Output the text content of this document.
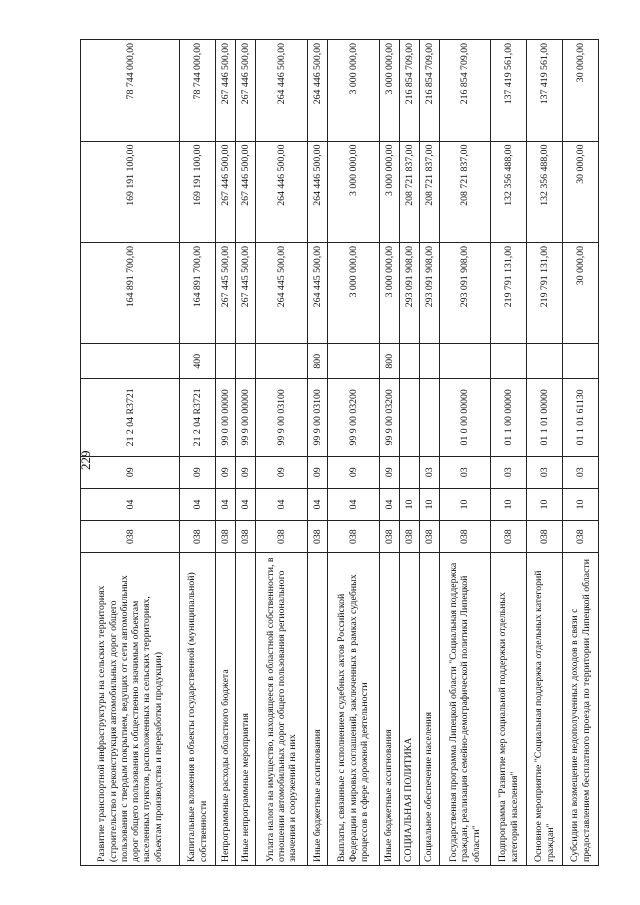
229
Развитие транспортной инфраструктуры на сельских территориях (строительство и реконструкция автомобильных дорог общего пользования с твердым покрытием, ведущих от сети автомобильных дорог общего пользования к общественно значимым объектам населенных пунктов, расположенных на сельских территориях, объектам производства и переработки продукции)	038	04	09	21 2 04 R3721		164 891 700,00	169 191 100,00	78 744 000,00
Капитальные вложения в объекты государственной (муниципальной) собственности	038	04	09	21 2 04 R3721	400	164 891 700,00	169 191 100,00	78 744 000,00
Непрограммные расходы областного бюджета	038	04	09	99 0 00 00000		267 445 500,00	267 446 500,00	267 446 500,00
Иные непрограммные мероприятия	038	04	09	99 9 00 00000		267 445 500,00	267 446 500,00	267 446 500,00
Уплата налога на имущество, находящееся в областной собственности, в отношении автомобильных дорог общего пользования регионального значения и сооружений на них	038	04	09	99 9 00 03100		264 445 500,00	264 446 500,00	264 446 500,00
Иные бюджетные ассигнования	038	04	09	99 9 00 03100	800	264 445 500,00	264 446 500,00	264 446 500,00
Выплаты, связанные с исполнением судебных актов Российской Федерации и мировых соглашений, заключенных в рамках судебных процессов в сфере дорожной деятельности	038	04	09	99 9 00 03200		3 000 000,00	3 000 000,00	3 000 000,00
Иные бюджетные ассигнования	038	04	09	99 9 00 03200	800	3 000 000,00	3 000 000,00	3 000 000,00
СОЦИАЛЬНАЯ ПОЛИТИКА	038	10				293 091 908,00	208 721 837,00	216 854 709,00
Социальное обеспечение населения	038	10	03			293 091 908,00	208 721 837,00	216 854 709,00
Государственная программа Липецкой области "Социальная поддержка граждан, реализация семейно-демографической политики Липецкой области"	038	10	03	01 0 00 00000		293 091 908,00	208 721 837,00	216 854 709,00
Подпрограмма "Развитие мер социальной поддержки отдельных категорий населения"	038	10	03	01 1 00 00000		219 791 131,00	132 356 488,00	137 419 561,00
Основное мероприятие "Социальная поддержка отдельных категорий граждан"	038	10	03	01 1 01 00000		219 791 131,00	132 356 488,00	137 419 561,00
Субсидии на возмещение недополученных доходов в связи с предоставлением бесплатного проезда по территории Липецкой области	038	10	03	01 1 01 61130		30 000,00	30 000,00	30 000,00
